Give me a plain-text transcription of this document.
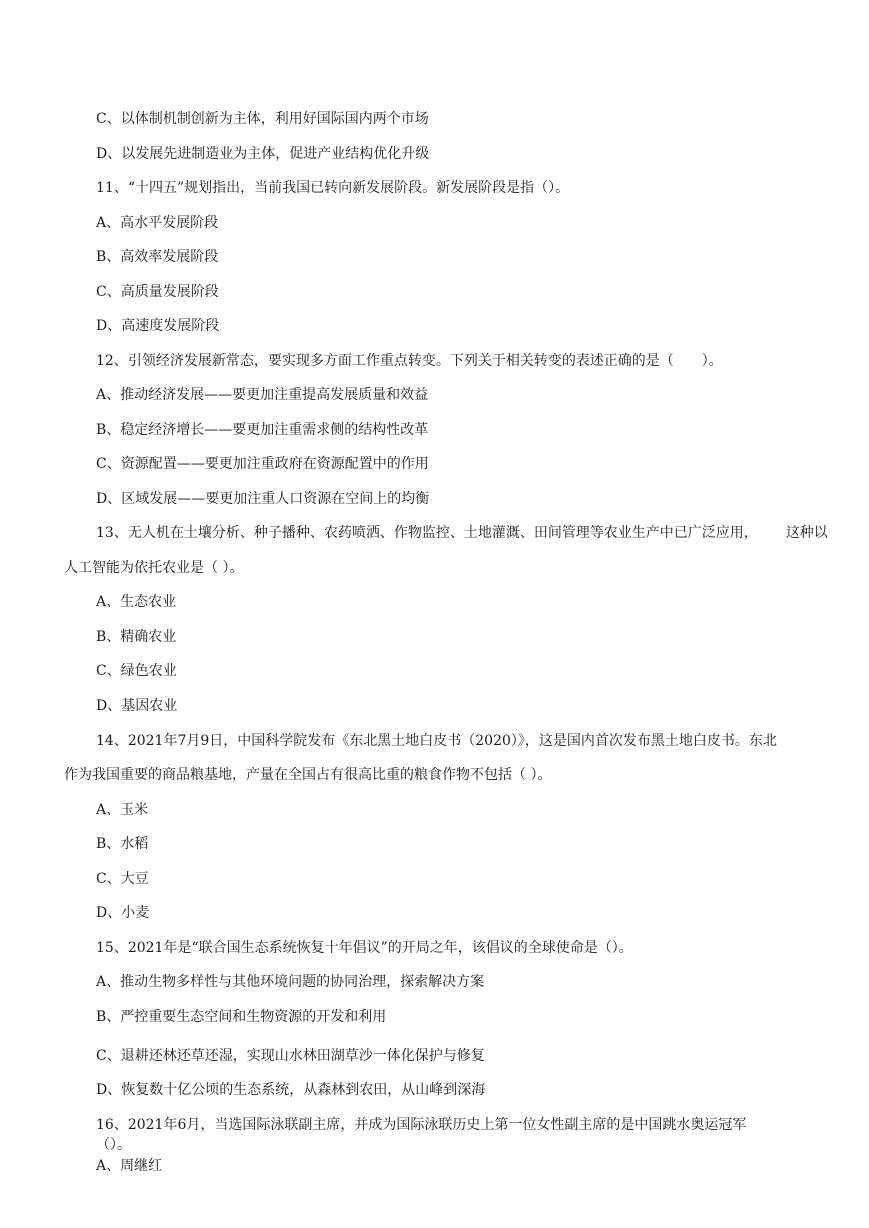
C、以体制机制创新为主体，利用好国际国内两个市场
D、以发展先进制造业为主体，促进产业结构优化升级
11、“十四五”规划指出，当前我国已转向新发展阶段。新发展阶段是指（）。
A、高水平发展阶段
B、高效率发展阶段
C、高质量发展阶段
D、高速度发展阶段
12、引领经济发展新常态，要实现多方面工作重点转变。下列关于相关转变的表述正确的是（　　）。
A、推动经济发展——要更加注重提高发展质量和效益
B、稳定经济增长——要更加注重需求侧的结构性改革
C、资源配置——要更加注重政府在资源配置中的作用
D、区域发展——要更加注重人口资源在空间上的均衡
13、无人机在土壤分析、种子播种、农药喷洒、作物监控、土地灌溉、田间管理等农业生产中已广泛应用， 这种以
人工智能为依托农业是（ ）。
A、生态农业
B、精确农业
C、绿色农业
D、基因农业
14、2021年7月9日，中国科学院发布《东北黑土地白皮书（2020）》，这是国内首次发布黑土地白皮书。东北
作为我国重要的商品粮基地，产量在全国占有很高比重的粮食作物不包括（ ）。
A、玉米
B、水稻
C、大豆
D、小麦
15、2021年是“联合国生态系统恢复十年倡议”的开局之年，该倡议的全球使命是（）。
A、推动生物多样性与其他环境问题的协同治理，探索解决方案
B、严控重要生态空间和生物资源的开发和利用
C、退耕还林还草还湿，实现山水林田湖草沙一体化保护与修复
D、恢复数十亿公顷的生态系统，从森林到农田，从山峰到深海
16、2021年6月，当选国际泳联副主席，并成为国际泳联历史上第一位女性副主席的是中国跳水奥运冠军
（）。
A、周继红
